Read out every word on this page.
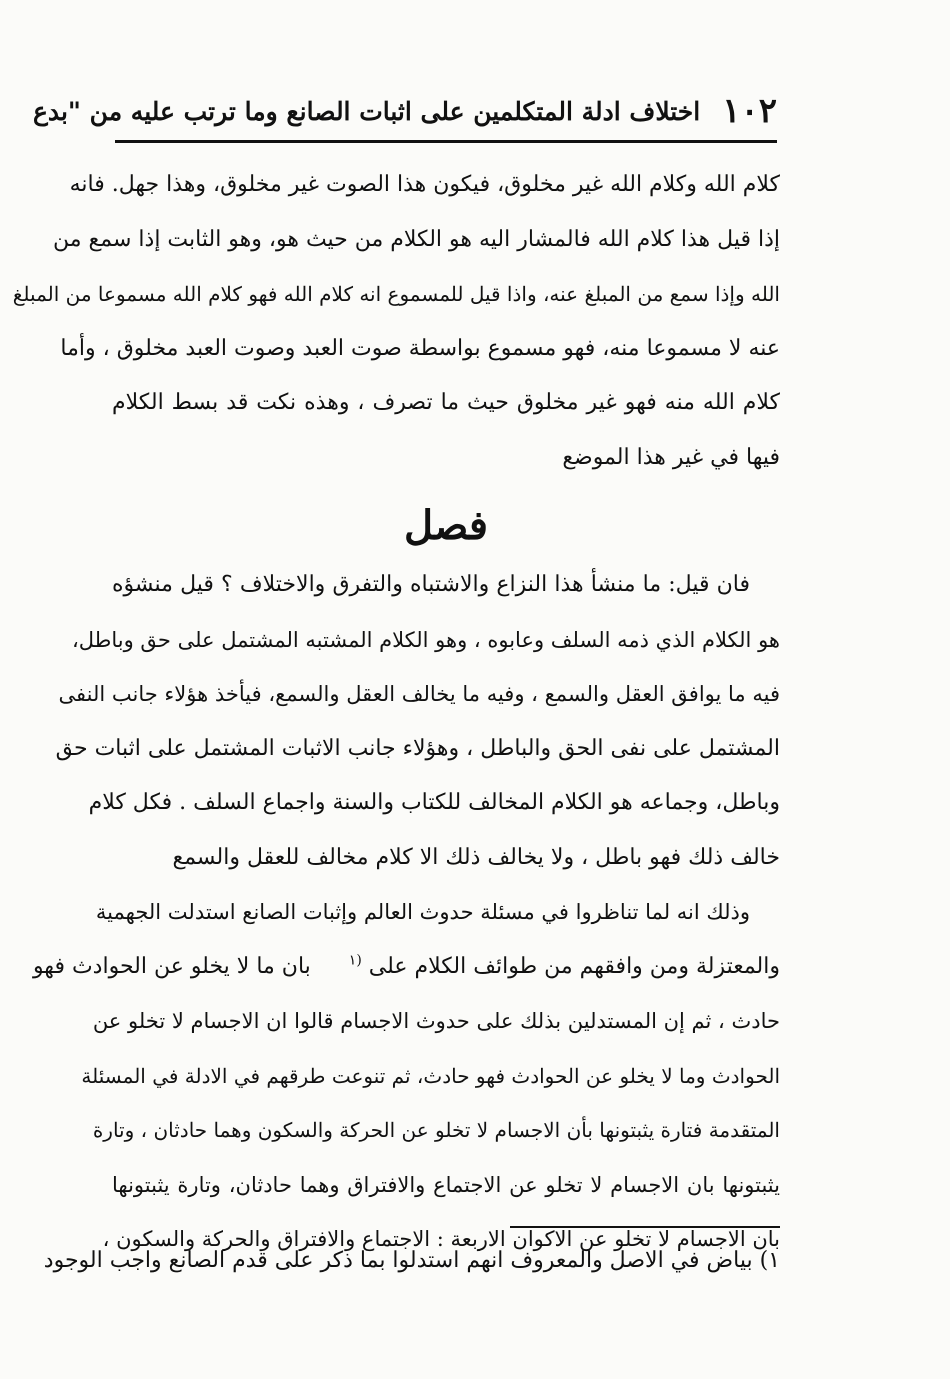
١٠٢
اختلاف ادلة المتكلمين على اثبات الصانع وما ترتب عليه من "بدع
كلام الله وكلام الله غير مخلوق، فيكون هذا الصوت غير مخلوق، وهذا جهل. فانه
إذا قيل هذا كلام الله فالمشار اليه هو الكلام من حيث هو، وهو الثابت إذا سمع من
الله وإذا سمع من المبلغ عنه، واذا قيل للمسموع انه كلام الله فهو كلام الله مسموعا من المبلغ
عنه لا مسموعا منه، فهو مسموع بواسطة صوت العبد وصوت العبد مخلوق ، وأما
كلام الله منه فهو غير مخلوق حيث ما تصرف ، وهذه نكت قد بسط الكلام
فيها في غير هذا الموضع
فصل
فان قيل: ما منشأ هذا النزاع والاشتباه والتفرق والاختلاف ؟ قيل منشؤه
هو الكلام الذي ذمه السلف وعابوه ، وهو الكلام المشتبه المشتمل على حق وباطل،
فيه ما يوافق العقل والسمع ، وفيه ما يخالف العقل والسمع، فيأخذ هؤلاء جانب النفى
المشتمل على نفى الحق والباطل ، وهؤلاء جانب الاثبات المشتمل على اثبات حق
وباطل، وجماعه هو الكلام المخالف للكتاب والسنة واجماع السلف . فكل كلام
خالف ذلك فهو باطل ، ولا يخالف ذلك الا كلام مخالف للعقل والسمع
وذلك انه لما تناظروا في مسئلة حدوث العالم وإثبات الصانع استدلت الجهمية
والمعتزلة ومن وافقهم من طوائف الكلام على $^{(١}$  بان ما لا يخلو عن الحوادث فهو
حادث ، ثم إن المستدلين بذلك على حدوث الاجسام قالوا ان الاجسام لا تخلو عن
الحوادث وما لا يخلو عن الحوادث فهو حادث، ثم تنوعت طرقهم في الادلة في المسئلة
المتقدمة فتارة يثبتونها بأن الاجسام لا تخلو عن الحركة والسكون وهما حادثان ، وتارة
يثبتونها بان الاجسام لا تخلو عن الاجتماع والافتراق وهما حادثان، وتارة يثبتونها
بان الاجسام لا تخلو عن الاكوان الاربعة : الاجتماع والافتراق والحركة والسكون ،
١) بياض في الاصل والمعروف انهم استدلوا بما ذكر على قدم الصانع واجب الوجود
